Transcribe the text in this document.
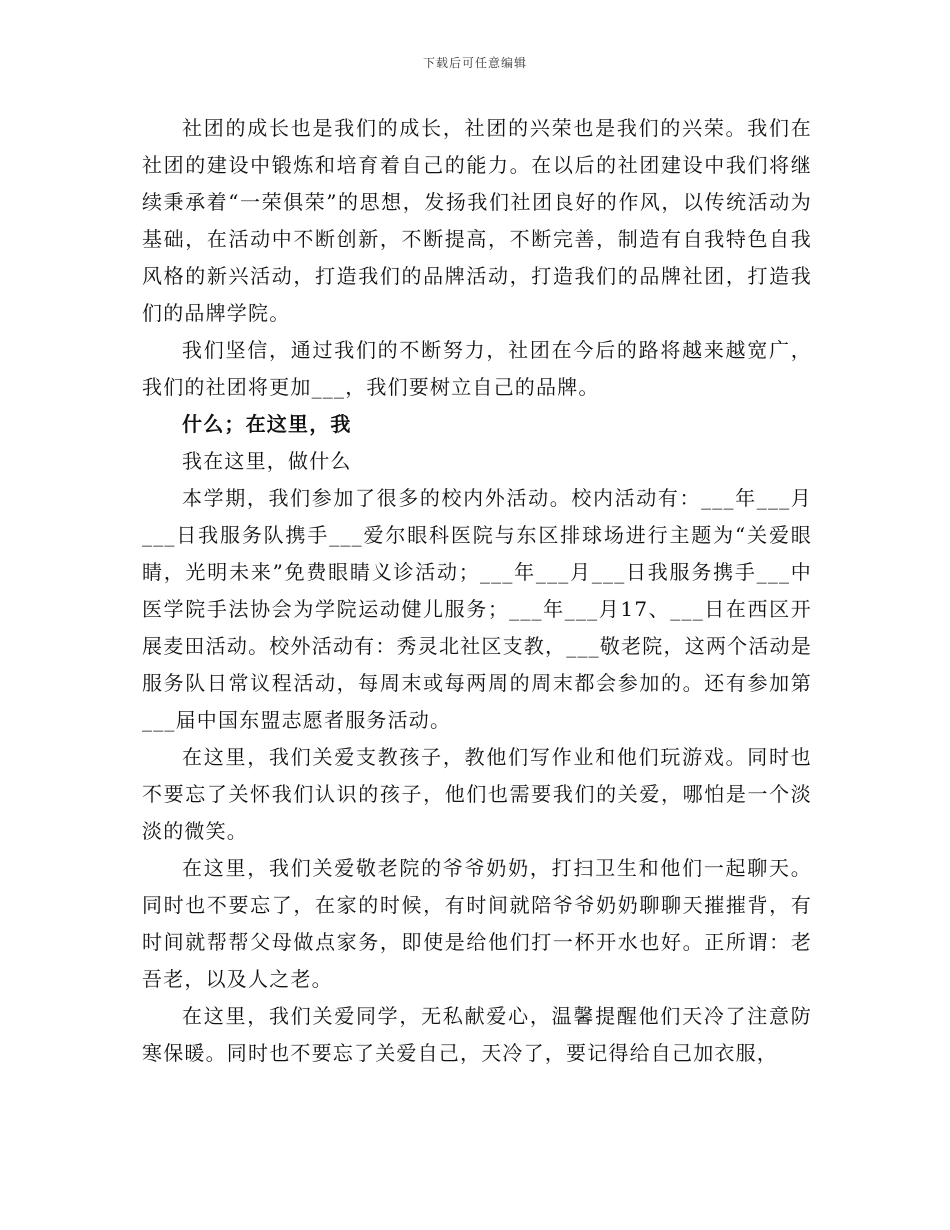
下载后可任意编辑

社团的成长也是我们的成长，社团的兴荣也是我们的兴荣。我们在社团的建设中锻炼和培育着自己的能力。在以后的社团建设中我们将继续秉承着“一荣俱荣”的思想，发扬我们社团良好的作风，以传统活动为基础，在活动中不断创新，不断提高，不断完善，制造有自我特色自我风格的新兴活动，打造我们的品牌活动，打造我们的品牌社团，打造我们的品牌学院。

我们坚信，通过我们的不断努力，社团在今后的路将越来越宽广，我们的社团将更加___，我们要树立自己的品牌。

什么；在这里，我

我在这里，做什么

本学期，我们参加了很多的校内外活动。校内活动有：___年___月___日我服务队携手___爱尔眼科医院与东区排球场进行主题为“关爱眼睛，光明未来”免费眼睛义诊活动；___年___月___日我服务携手___中医学院手法协会为学院运动健儿服务；___年___月17、___日在西区开展麦田活动。校外活动有：秀灵北社区支教，___敬老院，这两个活动是服务队日常议程活动，每周末或每两周的周末都会参加的。还有参加第___届中国东盟志愿者服务活动。

在这里，我们关爱支教孩子，教他们写作业和他们玩游戏。同时也不要忘了关怀我们认识的孩子，他们也需要我们的关爱，哪怕是一个淡淡的微笑。

在这里，我们关爱敬老院的爷爷奶奶，打扫卫生和他们一起聊天。同时也不要忘了，在家的时候，有时间就陪爷爷奶奶聊聊天摧摧背，有时间就帮帮父母做点家务，即使是给他们打一杯开水也好。正所谓：老吾老，以及人之老。

在这里，我们关爱同学，无私献爱心，温馨提醒他们天冷了注意防寒保暖。同时也不要忘了关爱自己，天冷了，要记得给自己加衣服，
